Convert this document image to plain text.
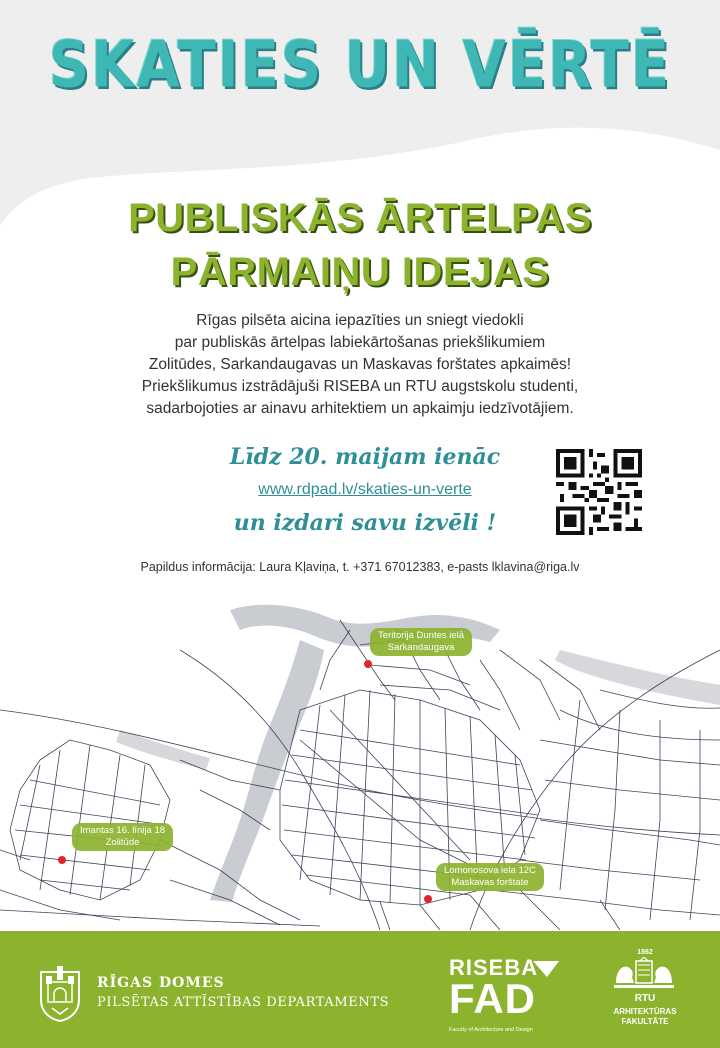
SKATIES UN VĒRTĒ
PUBLISKĀS ĀRTELPAS
PĀRMAIŅU IDEJAS
Rīgas pilsēta aicina iepazīties un sniegt viedokli
par publiskās ārtelpas labiekārtošanas priekšlikumiem
Zolitūdes, Sarkandaugavas un Maskavas forštates apkaimēs!
Priekšlikumus izstrādājuši RISEBA un RTU augstskolu studenti,
sadarbojoties ar ainavu arhitektiem un apkaimju iedzīvotājiem.
Līdz 20. maijam ienāc
www.rdpad.lv/skaties-un-verte
un izdari savu izvēli !
Papildus informācija: Laura Kļaviņa, t. +371 67012383, e-pasts lklavina@riga.lv
Teritorija Duntes ielā
Sarkandaugava
Imantas 16. līnija 18
Zolitūde
Lomonosova iela 12C
Maskavas forštate
RĪGAS DOMES
PILSĒTAS ATTĪSTĪBAS DEPARTAMENTS
RISEBA
FAD
Faculty of Architecture and Design
1862
RTU
ARHITEKTŪRAS
FAKULTĀTE
